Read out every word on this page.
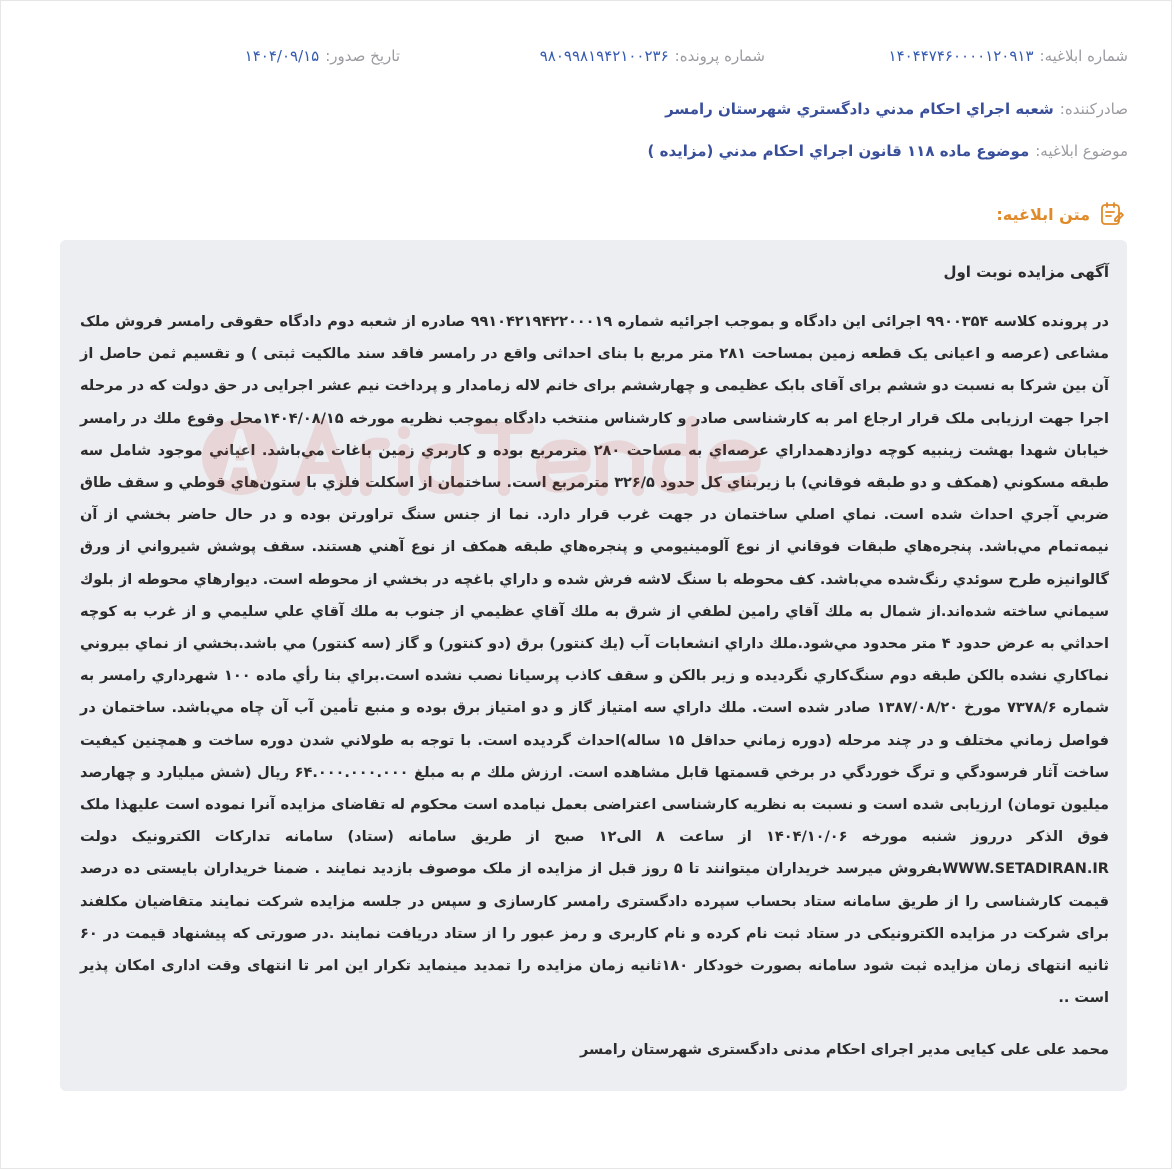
شماره ابلاغیه:
۱۴۰۴۴۷۴۶۰۰۰۰۱۲۰۹۱۳
شماره پرونده:
۹۸۰۹۹۸۱۹۴۲۱۰۰۲۳۶
تاریخ صدور:
۱۴۰۴/۰۹/۱۵
صادرکننده:
شعبه اجراي احكام مدني دادگستري شهرستان رامسر
موضوع ابلاغیه:
موضوع ماده ۱۱۸ قانون اجراي احكام مدني (مزايده )
متن ابلاغیه:
آگهی مزایده نوبت اول

در پرونده کلاسه ۹۹۰۰۳۵۴ اجرائی این دادگاه و بموجب اجرائیه شماره ۹۹۱۰۴۲۱۹۴۲۲۰۰۰۱۹ صادره از شعبه دوم دادگاه حقوقی رامسر فروش ملک مشاعی (عرصه و اعیانی یک قطعه زمین بمساحت ۲۸۱ متر مربع با بنای احداثی واقع در رامسر فاقد سند مالکیت ثبتی ) و تقسیم ثمن حاصل از آن بین شرکا به نسبت دو ششم برای آقای بابک عظیمی و چهارششم برای خانم لاله زمامدار و پرداخت نیم عشر اجرایی در حق دولت که در مرحله اجرا جهت ارزیابی ملک قرار ارجاع امر به کارشناسی صادر و کارشناس منتخب دادگاه بموجب نظریه مورخه ۱۴۰۴/۰۸/۱۵محل وقوع ملك در رامسر خيابان شهدا بهشت زينبيه كوچه دوازدهمداراي عرصه‌اي به مساحت ۲۸۰ مترمربع بوده و كاربري زمين باغات مي‌باشد. اعياني موجود شامل سه طبقه مسكوني (همكف و دو طبقه فوقاني) با زيربناي كل حدود ۳۲۶/۵ مترمربع است. ساختمان از اسكلت فلزي با ستون‌هاي قوطي و سقف طاق ضربي آجري احداث شده است. نماي اصلي ساختمان در جهت غرب قرار دارد. نما از جنس سنگ تراورتن بوده و در حال حاضر بخشي از آن نيمه‌تمام مي‌باشد. پنجره‌هاي طبقات فوقاني از نوع آلومينيومي و پنجره‌هاي طبقه همكف از نوع آهني هستند. سقف پوشش شيرواني از ورق گالوانيزه طرح سوئدي رنگ‌شده مي‌باشد. كف محوطه با سنگ لاشه فرش شده و داراي باغچه در بخشي از محوطه است. ديوارهاي محوطه از بلوك سيماني ساخته شده‌اند.از شمال به ملك آقاي رامين لطفي از شرق به ملك آقاي عظيمي از جنوب به ملك آقاي علي سليمي و از غرب به كوچه احداثي به عرض حدود ۴ متر محدود مي‌شود.ملك داراي انشعابات آب (يك كنتور) برق (دو كنتور) و گاز (سه كنتور) مي باشد.بخشي از نماي بيروني نماكاري نشده بالكن طبقه دوم سنگ‌كاري نگرديده و زير بالكن و سقف كاذب پرسيانا نصب نشده است.براي بنا رأي ماده ۱۰۰ شهرداري رامسر به شماره ۷۳۷۸/۶ مورخ ۱۳۸۷/۰۸/۲۰ صادر شده است. ملك داراي سه امتياز گاز و دو امتياز برق بوده و منبع تأمين آب آن چاه مي‌باشد. ساختمان در فواصل زماني مختلف و در چند مرحله (دوره زماني حداقل ۱۵ ساله)احداث گرديده است. با توجه به طولاني شدن دوره ساخت و همچنين كيفيت ساخت آثار فرسودگي و ترگ خوردگي در برخي قسمتها قابل مشاهده است. ارزش ملك م به مبلغ ۶۴.۰۰۰.۰۰۰.۰۰۰ ريال (شش ميليارد و چهارصد ميليون تومان) ارزیابی شده است و نسبت به نظریه کارشناسی اعتراضی بعمل نیامده است محکوم له تقاضای مزایده آنرا نموده است علیهذا ملک فوق الذکر درروز شنبه مورخه ۱۴۰۴/۱۰/۰۶ از ساعت ۸ الی۱۲ صبح از طریق سامانه (ستاد) سامانه تدارکات الکترونیک دولت WWW.SETADIRAN.IRبفروش میرسد خریداران میتوانند تا ۵ روز قبل از مزایده از ملک موصوف بازدید نمایند . ضمنا خریداران بایستی ده درصد قیمت کارشناسی را از طریق سامانه ستاد بحساب سپرده دادگستری رامسر کارسازی و سپس در جلسه مزایده شرکت نمایند متقاضیان مکلفند برای شرکت در مزایده الکترونیکی در ستاد ثبت نام کرده و نام کاربری و رمز عبور را از ستاد دریافت نمایند .در صورتی که پیشنهاد قیمت در ۶۰ ثانیه انتهای زمان مزایده ثبت شود سامانه بصورت خودکار ۱۸۰ثانیه زمان مزایده را تمدید مینماید تکرار این امر تا انتهای وقت اداری امکان پذیر است ..

محمد علی علی کیایی مدیر اجرای احکام مدنی دادگستری شهرستان رامسر
